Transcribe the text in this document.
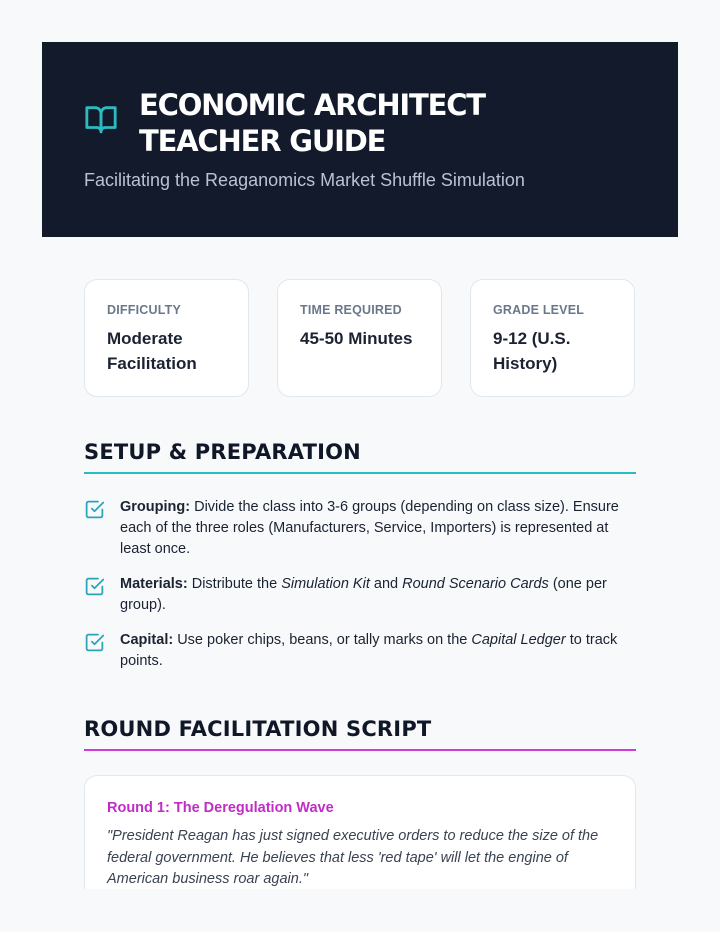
ECONOMIC ARCHITECT
TEACHER GUIDE
Facilitating the Reaganomics Market Shuffle Simulation
DIFFICULTY
Moderate Facilitation
TIME REQUIRED
45-50 Minutes
GRADE LEVEL
9-12 (U.S. History)
SETUP & PREPARATION
Grouping: Divide the class into 3-6 groups (depending on class size). Ensure each of the three roles (Manufacturers, Service, Importers) is represented at least once.
Materials: Distribute the Simulation Kit and Round Scenario Cards (one per group).
Capital: Use poker chips, beans, or tally marks on the Capital Ledger to track points.
ROUND FACILITATION SCRIPT
Round 1: The Deregulation Wave
"President Reagan has just signed executive orders to reduce the size of the federal government. He believes that less 'red tape' will let the engine of American business roar again."
